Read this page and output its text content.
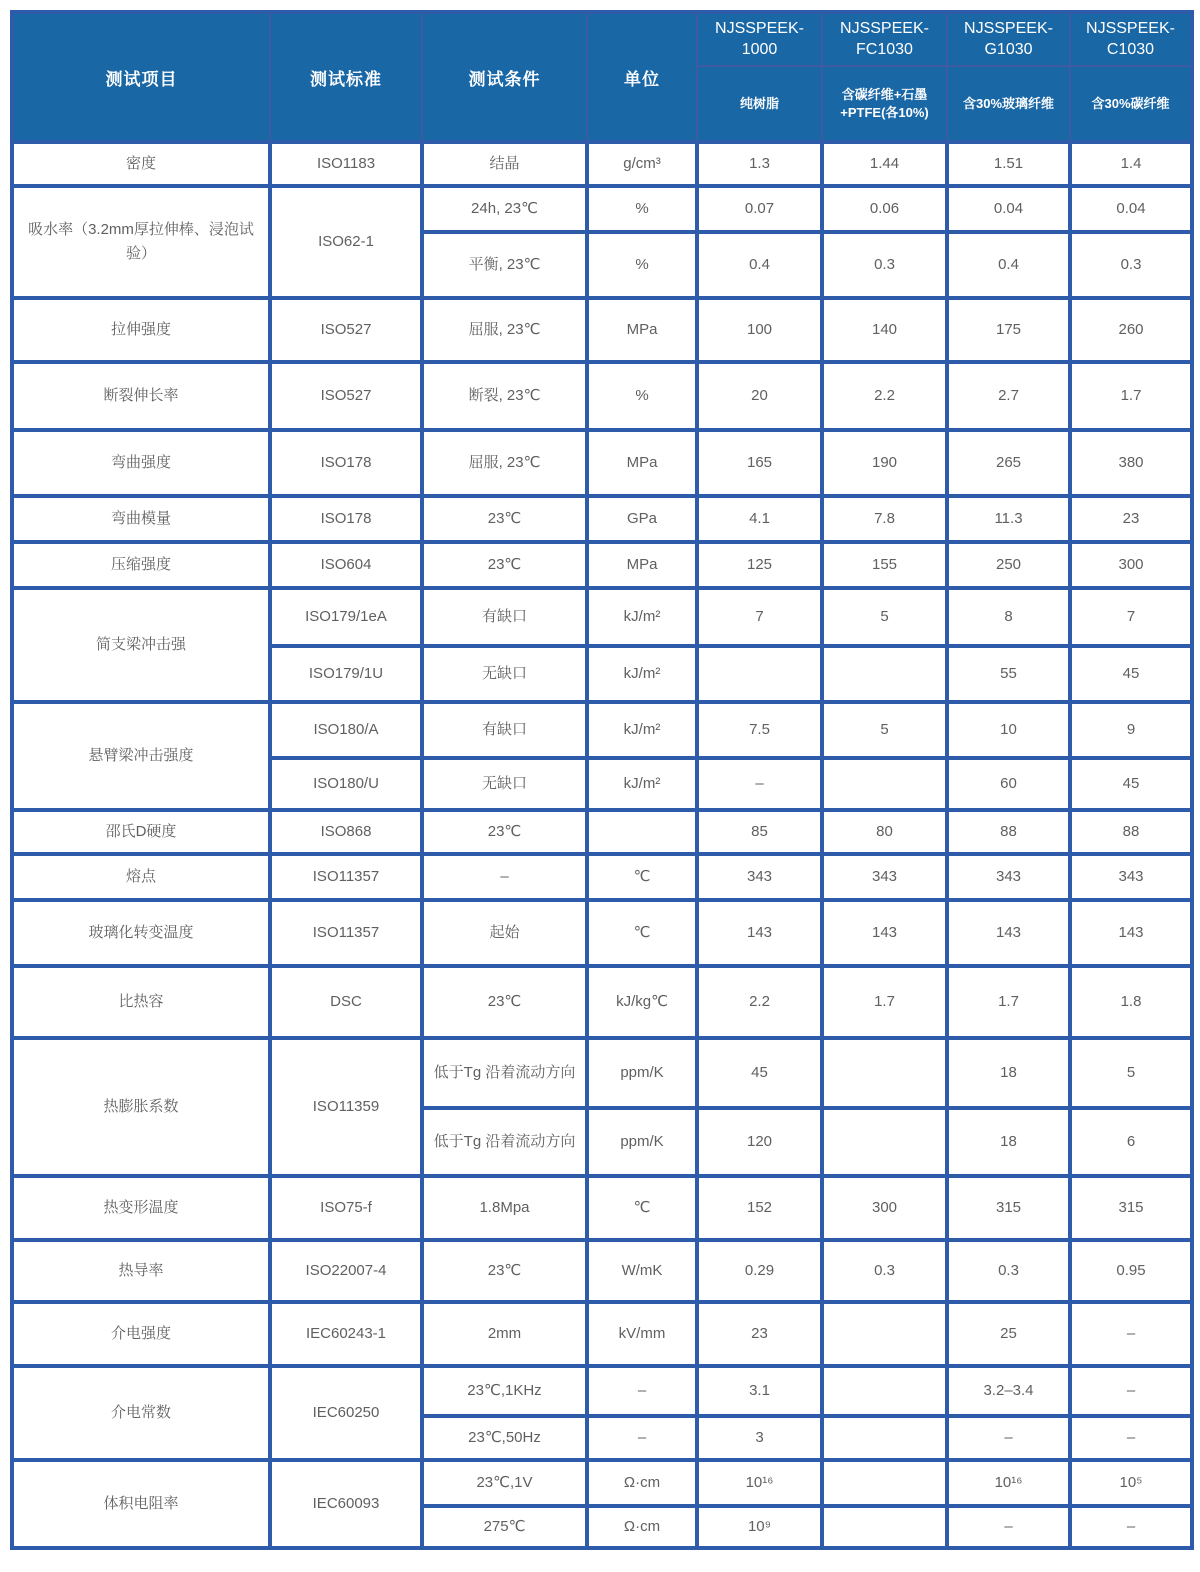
测试项目	测试标准	测试条件	单位	NJSSPEEK-1000	NJSSPEEK-FC1030	NJSSPEEK-G1030	NJSSPEEK-C1030
				纯树脂	含碳纤维+石墨+PTFE(各10%)	含30%玻璃纤维	含30%碳纤维
密度	ISO1183	结晶	g/cm³	1.3	1.44	1.51	1.4
吸水率（3.2mm厚拉伸棒、浸泡试验）	ISO62-1	24h, 23℃	%	0.07	0.06	0.04	0.04
		平衡, 23℃	%	0.4	0.3	0.4	0.3
拉伸强度	ISO527	屈服, 23℃	MPa	100	140	175	260
断裂伸长率	ISO527	断裂, 23℃	%	20	2.2	2.7	1.7
弯曲强度	ISO178	屈服, 23℃	MPa	165	190	265	380
弯曲模量	ISO178	23℃	GPa	4.1	7.8	11.3	23
压缩强度	ISO604	23℃	MPa	125	155	250	300
简支梁冲击强	ISO179/1eA	有缺口	kJ/m²	7	5	8	7
	ISO179/1U	无缺口	kJ/m²			55	45
悬臂梁冲击强度	ISO180/A	有缺口	kJ/m²	7.5	5	10	9
	ISO180/U	无缺口	kJ/m²	–		60	45
邵氏D硬度	ISO868	23℃		85	80	88	88
熔点	ISO11357	–	℃	343	343	343	343
玻璃化转变温度	ISO11357	起始	℃	143	143	143	143
比热容	DSC	23℃	kJ/kg℃	2.2	1.7	1.7	1.8
热膨胀系数	ISO11359	低于Tg 沿着流动方向	ppm/K	45		18	5
		低于Tg 沿着流动方向	ppm/K	120		18	6
热变形温度	ISO75-f	1.8Mpa	℃	152	300	315	315
热导率	ISO22007-4	23℃	W/mK	0.29	0.3	0.3	0.95
介电强度	IEC60243-1	2mm	kV/mm	23		25	–
介电常数	IEC60250	23℃,1KHz	–	3.1		3.2–3.4	–
		23℃,50Hz	–	3		–	–
体积电阻率	IEC60093	23℃,1V	Ω·cm	10¹⁶		10¹⁶	10⁵
		275℃	Ω·cm	10⁹		–	–
